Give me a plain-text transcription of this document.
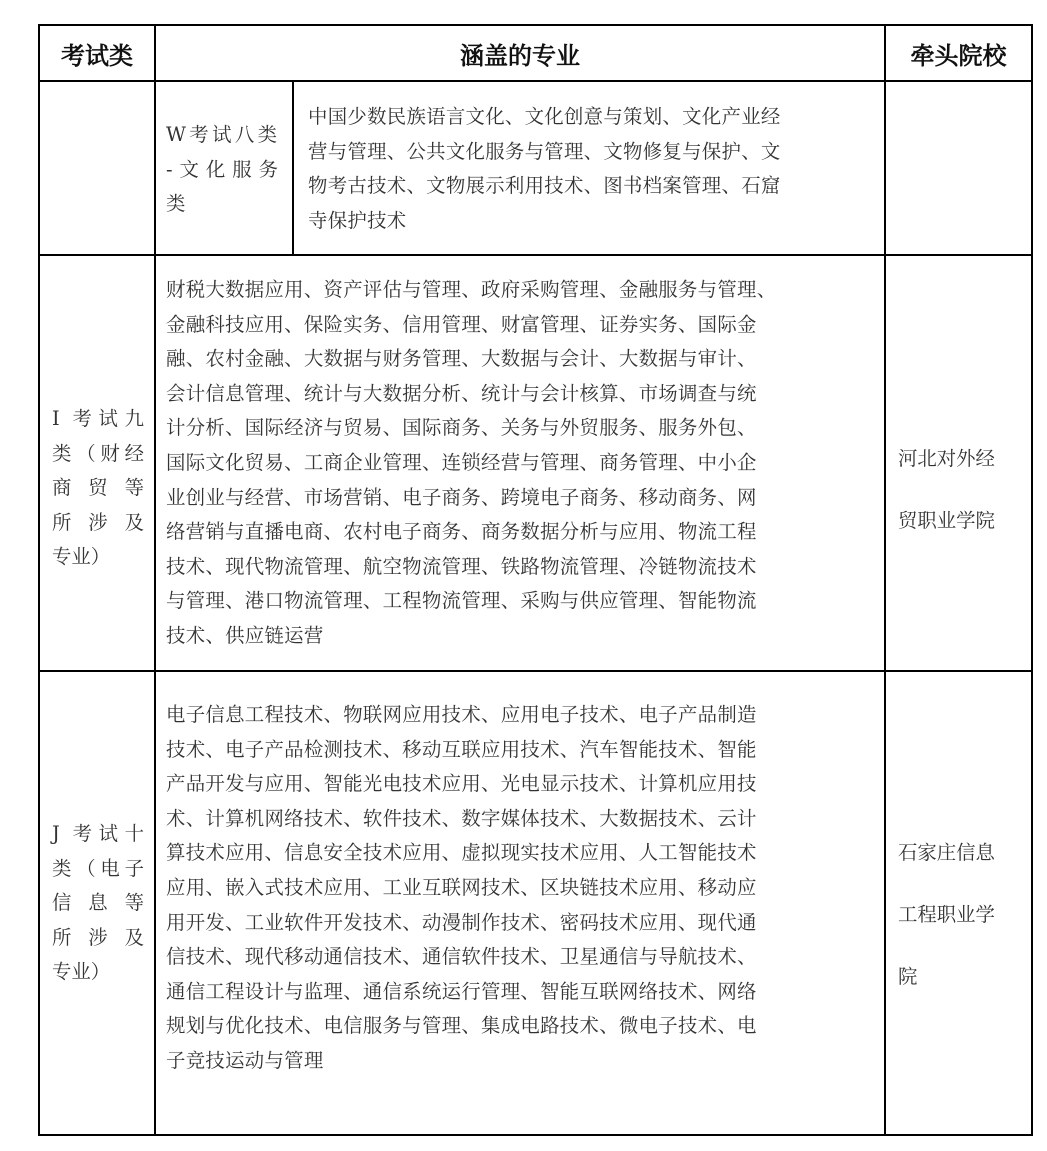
考试类	涵盖的专业	牵头院校
W考试八类
-文化服务
类
中国少数民族语言文化、文化创意与策划、文化产业经
营与管理、公共文化服务与管理、文物修复与保护、文
物考古技术、文物展示利用技术、图书档案管理、石窟
寺保护技术
I 考试九
类（财经
商 贸 等
所 涉 及
专业）
财税大数据应用、资产评估与管理、政府采购管理、金融服务与管理、
金融科技应用、保险实务、信用管理、财富管理、证券实务、国际金
融、农村金融、大数据与财务管理、大数据与会计、大数据与审计、
会计信息管理、统计与大数据分析、统计与会计核算、市场调查与统
计分析、国际经济与贸易、国际商务、关务与外贸服务、服务外包、
国际文化贸易、工商企业管理、连锁经营与管理、商务管理、中小企
业创业与经营、市场营销、电子商务、跨境电子商务、移动商务、网
络营销与直播电商、农村电子商务、商务数据分析与应用、物流工程
技术、现代物流管理、航空物流管理、铁路物流管理、冷链物流技术
与管理、港口物流管理、工程物流管理、采购与供应管理、智能物流
技术、供应链运营
河北对外经
贸职业学院
J 考试十
类（电子
信 息 等
所 涉 及
专业）
电子信息工程技术、物联网应用技术、应用电子技术、电子产品制造
技术、电子产品检测技术、移动互联应用技术、汽车智能技术、智能
产品开发与应用、智能光电技术应用、光电显示技术、计算机应用技
术、计算机网络技术、软件技术、数字媒体技术、大数据技术、云计
算技术应用、信息安全技术应用、虚拟现实技术应用、人工智能技术
应用、嵌入式技术应用、工业互联网技术、区块链技术应用、移动应
用开发、工业软件开发技术、动漫制作技术、密码技术应用、现代通
信技术、现代移动通信技术、通信软件技术、卫星通信与导航技术、
通信工程设计与监理、通信系统运行管理、智能互联网络技术、网络
规划与优化技术、电信服务与管理、集成电路技术、微电子技术、电
子竞技运动与管理
石家庄信息
工程职业学
院
